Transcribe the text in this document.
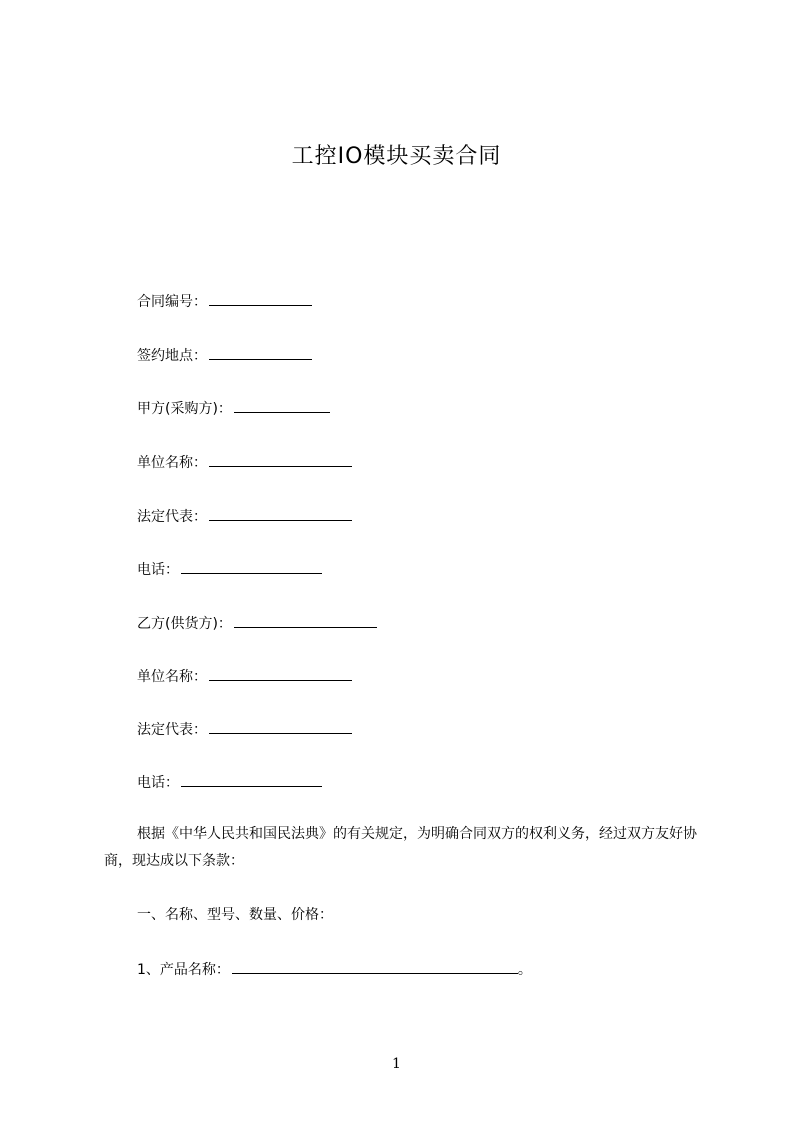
工控IO模块买卖合同
合同编号：
签约地点：
甲方(采购方)：
单位名称：
法定代表：
电话：
乙方(供货方)：
单位名称：
法定代表：
电话：
根据《中华人民共和国民法典》的有关规定，为明确合同双方的权利义务，经过双方友好协商，现达成以下条款：
一、名称、型号、数量、价格：
1、产品名称：	。
1
